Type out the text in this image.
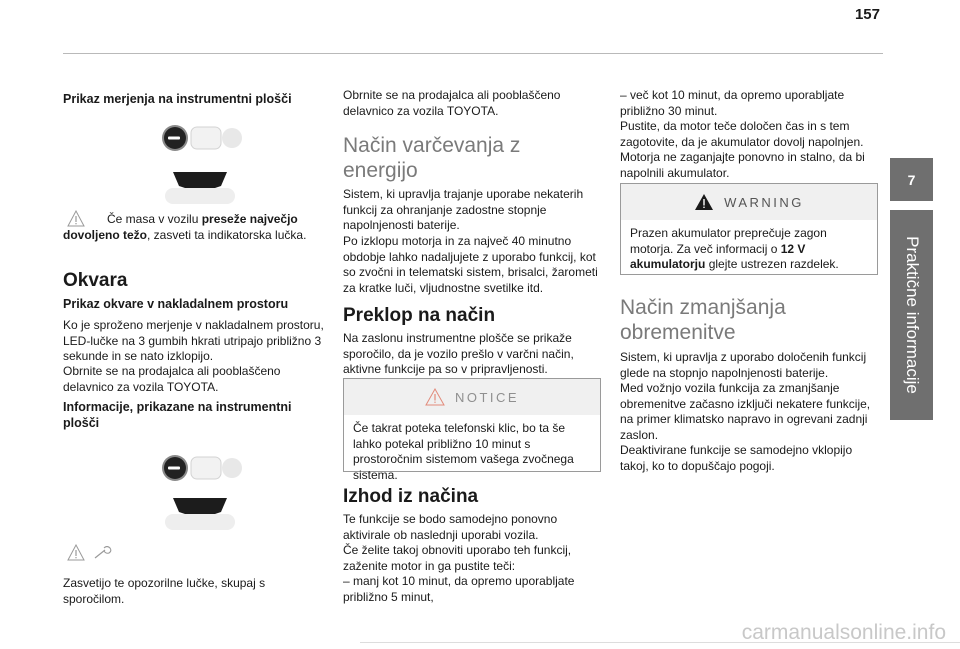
157
7
Praktične informacije

Prikaz merjenja na instrumentni plošči

Če masa v vozilu preseže največjo dovoljeno težo, zasveti ta indikatorska lučka.

Okvara

Prikaz okvare v nakladalnem prostoru

Ko je sproženo merjenje v nakladalnem prostoru, LED-lučke na 3 gumbih hkrati utripajo približno 3 sekunde in se nato izklopijo.

Obrnite se na prodajalca ali pooblaščeno delavnico za vozila TOYOTA.

Informacije, prikazane na instrumentni plošči

Zasvetijo te opozorilne lučke, skupaj s sporočilom.

Obrnite se na prodajalca ali pooblaščeno delavnico za vozila TOYOTA.

Način varčevanja z energijo

Sistem, ki upravlja trajanje uporabe nekaterih funkcij za ohranjanje zadostne stopnje napolnjenosti baterije.

Po izklopu motorja in za največ 40 minutno obdobje lahko nadaljujete z uporabo funkcij, kot so zvočni in telematski sistem, brisalci, žarometi za kratke luči, vljudnostne svetilke itd.

Preklop na način

Na zaslonu instrumentne plošče se prikaže sporočilo, da je vozilo prešlo v varčni način, aktivne funkcije pa so v pripravljenosti.

NOTICE
Če takrat poteka telefonski klic, bo ta še lahko potekal približno 10 minut s prostoročnim sistemom vašega zvočnega sistema.

Izhod iz načina

Te funkcije se bodo samodejno ponovno aktivirale ob naslednji uporabi vozila.

Če želite takoj obnoviti uporabo teh funkcij, zaženite motor in ga pustite teči:

– manj kot 10 minut, da opremo uporabljate približno 5 minut,

– več kot 10 minut, da opremo uporabljate približno 30 minut.

Pustite, da motor teče določen čas in s tem zagotovite, da je akumulator dovolj napolnjen. Motorja ne zaganjajte ponovno in stalno, da bi napolnili akumulator.

WARNING
Prazen akumulator preprečuje zagon motorja. Za več informacij o 12 V akumulatorju glejte ustrezen razdelek.

Način zmanjšanja obremenitve

Sistem, ki upravlja z uporabo določenih funkcij glede na stopnjo napolnjenosti baterije.

Med vožnjo vozila funkcija za zmanjšanje obremenitve začasno izključi nekatere funkcije, na primer klimatsko napravo in ogrevani zadnji zaslon.

Deaktivirane funkcije se samodejno vklopijo takoj, ko to dopuščajo pogoji.

carmanualsonline.info
